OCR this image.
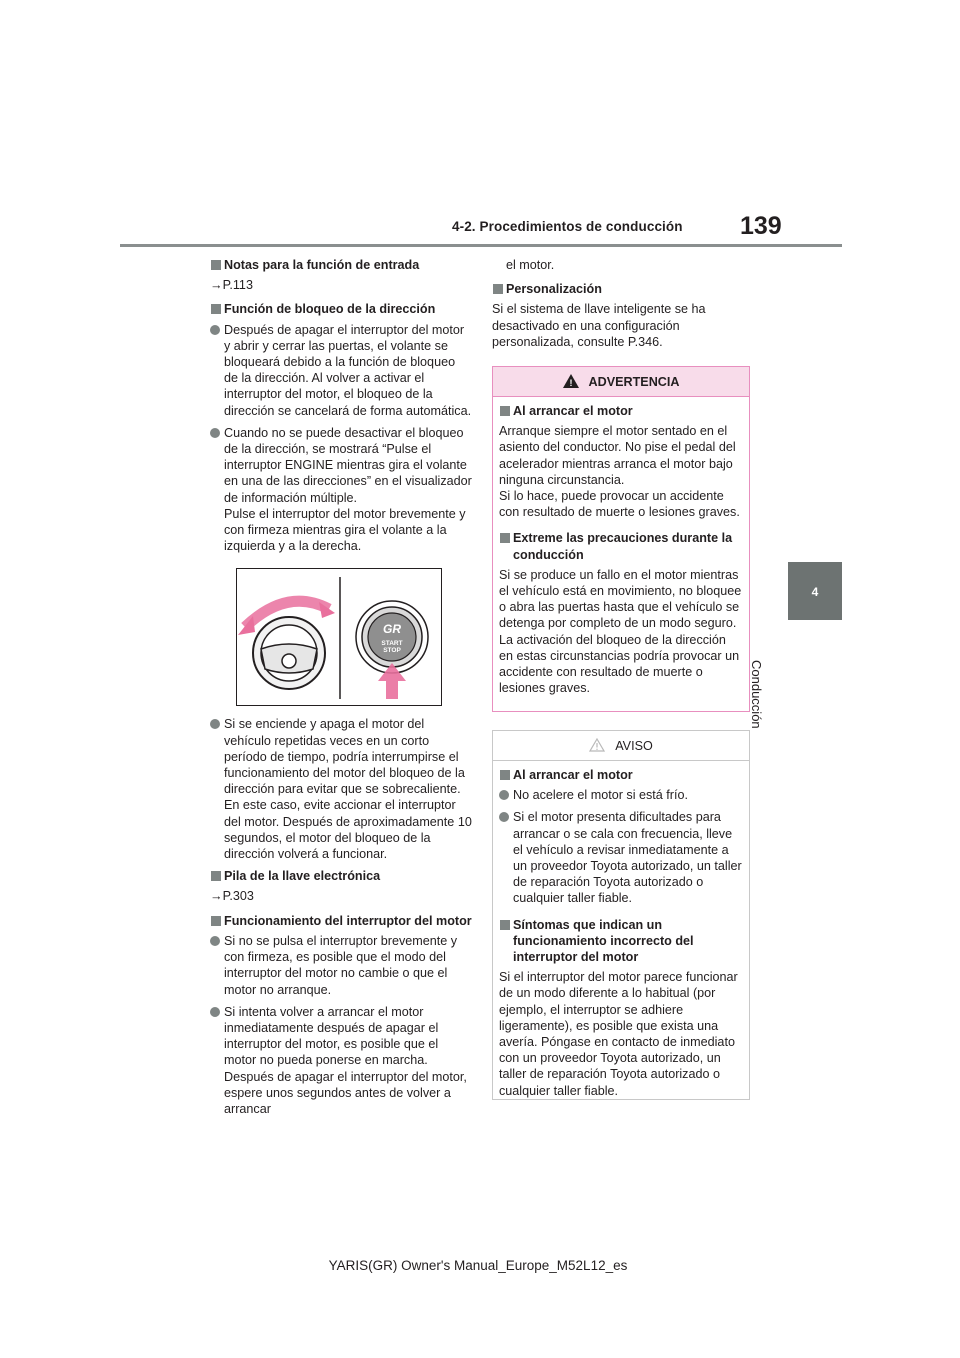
4-2. Procedimientos de conducción 139
4
Conducción
Notas para la función de entrada
→P.113
Función de bloqueo de la dirección
Después de apagar el interruptor del motor y abrir y cerrar las puertas, el volante se bloqueará debido a la función de bloqueo de la dirección. Al volver a activar el interruptor del motor, el bloqueo de la dirección se cancelará de forma automática.
Cuando no se puede desactivar el bloqueo de la dirección, se mostrará “Pulse el interruptor ENGINE mientras gira el volante en una de las direcciones” en el visualizador de información múltiple.
Pulse el interruptor del motor brevemente y con firmeza mientras gira el volante a la izquierda y a la derecha.
GR
START
STOP
Si se enciende y apaga el motor del vehículo repetidas veces en un corto período de tiempo, podría interrumpirse el funcionamiento del motor del bloqueo de la dirección para evitar que se sobrecaliente.
En este caso, evite accionar el interruptor del motor. Después de aproximadamente 10 segundos, el motor del bloqueo de la dirección volverá a funcionar.
Pila de la llave electrónica
→P.303
Funcionamiento del interruptor del motor
Si no se pulsa el interruptor brevemente y con firmeza, es posible que el modo del interruptor del motor no cambie o que el motor no arranque.
Si intenta volver a arrancar el motor inmediatamente después de apagar el interruptor del motor, es posible que el motor no pueda ponerse en marcha. Después de apagar el interruptor del motor, espere unos segundos antes de volver a arrancar
el motor.
Personalización
Si el sistema de llave inteligente se ha desactivado en una configuración personalizada, consulte P.346.
! ADVERTENCIA
Al arrancar el motor
Arranque siempre el motor sentado en el asiento del conductor. No pise el pedal del acelerador mientras arranca el motor bajo ninguna circunstancia.
Si lo hace, puede provocar un accidente con resultado de muerte o lesiones graves.
Extreme las precauciones durante la conducción
Si se produce un fallo en el motor mientras el vehículo está en movimiento, no bloquee o abra las puertas hasta que el vehículo se detenga por completo de un modo seguro. La activación del bloqueo de la dirección en estas circunstancias podría provocar un accidente con resultado de muerte o lesiones graves.
AVISO
Al arrancar el motor
No acelere el motor si está frío.
Si el motor presenta dificultades para arrancar o se cala con frecuencia, lleve el vehículo a revisar inmediatamente a un proveedor Toyota autorizado, un taller de reparación Toyota autorizado o cualquier taller fiable.
Síntomas que indican un funcionamiento incorrecto del interruptor del motor
Si el interruptor del motor parece funcionar de un modo diferente a lo habitual (por ejemplo, el interruptor se adhiere ligeramente), es posible que exista una avería. Póngase en contacto de inmediato con un proveedor Toyota autorizado, un taller de reparación Toyota autorizado o cualquier taller fiable.
YARIS(GR) Owner's Manual_Europe_M52L12_es
